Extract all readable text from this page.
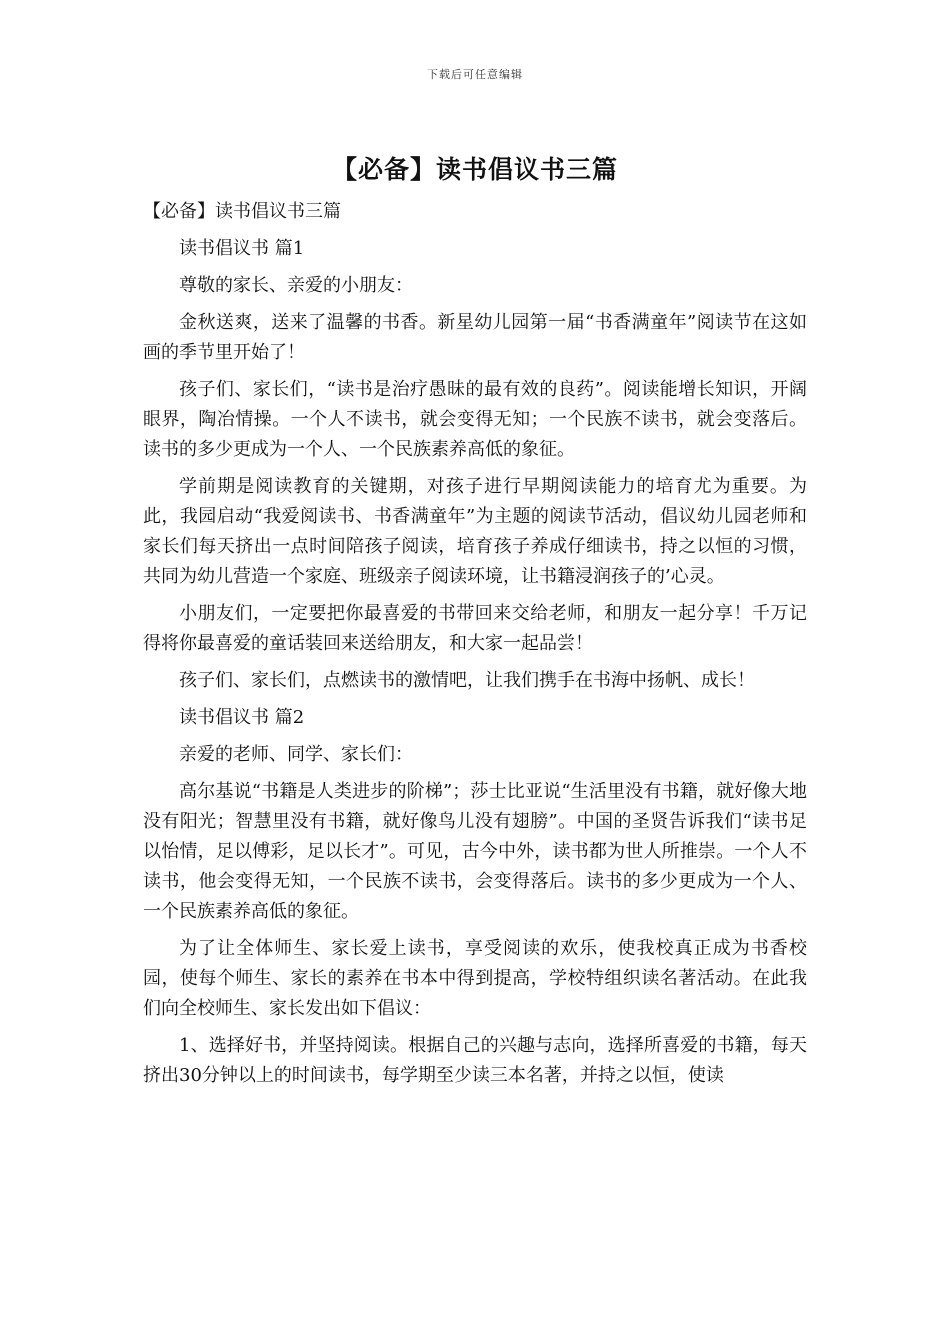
下载后可任意编辑
【必备】读书倡议书三篇

【必备】读书倡议书三篇

读书倡议书 篇1

尊敬的家长、亲爱的小朋友：

金秋送爽，送来了温馨的书香。新星幼儿园第一届“书香满童年”阅读节在这如画的季节里开始了！

孩子们、家长们，“读书是治疗愚昧的最有效的良药”。阅读能增长知识，开阔眼界，陶冶情操。一个人不读书，就会变得无知；一个民族不读书，就会变落后。读书的多少更成为一个人、一个民族素养高低的象征。

学前期是阅读教育的关键期，对孩子进行早期阅读能力的培育尤为重要。为此，我园启动“我爱阅读书、书香满童年”为主题的阅读节活动，倡议幼儿园老师和家长们每天挤出一点时间陪孩子阅读，培育孩子养成仔细读书，持之以恒的习惯，共同为幼儿营造一个家庭、班级亲子阅读环境，让书籍浸润孩子的’心灵。

小朋友们，一定要把你最喜爱的书带回来交给老师，和朋友一起分享！千万记得将你最喜爱的童话装回来送给朋友，和大家一起品尝！

孩子们、家长们，点燃读书的激情吧，让我们携手在书海中扬帆、成长！

读书倡议书 篇2

亲爱的老师、同学、家长们：

高尔基说“书籍是人类进步的阶梯”；莎士比亚说“生活里没有书籍，就好像大地没有阳光；智慧里没有书籍，就好像鸟儿没有翅膀”。中国的圣贤告诉我们“读书足以怡情，足以傅彩，足以长才”。可见，古今中外，读书都为世人所推崇。一个人不读书，他会变得无知，一个民族不读书，会变得落后。读书的多少更成为一个人、一个民族素养高低的象征。

为了让全体师生、家长爱上读书，享受阅读的欢乐，使我校真正成为书香校园，使每个师生、家长的素养在书本中得到提高，学校特组织读名著活动。在此我们向全校师生、家长发出如下倡议：

1、选择好书，并坚持阅读。根据自己的兴趣与志向，选择所喜爱的书籍，每天挤出30分钟以上的时间读书，每学期至少读三本名著，并持之以恒，使读
